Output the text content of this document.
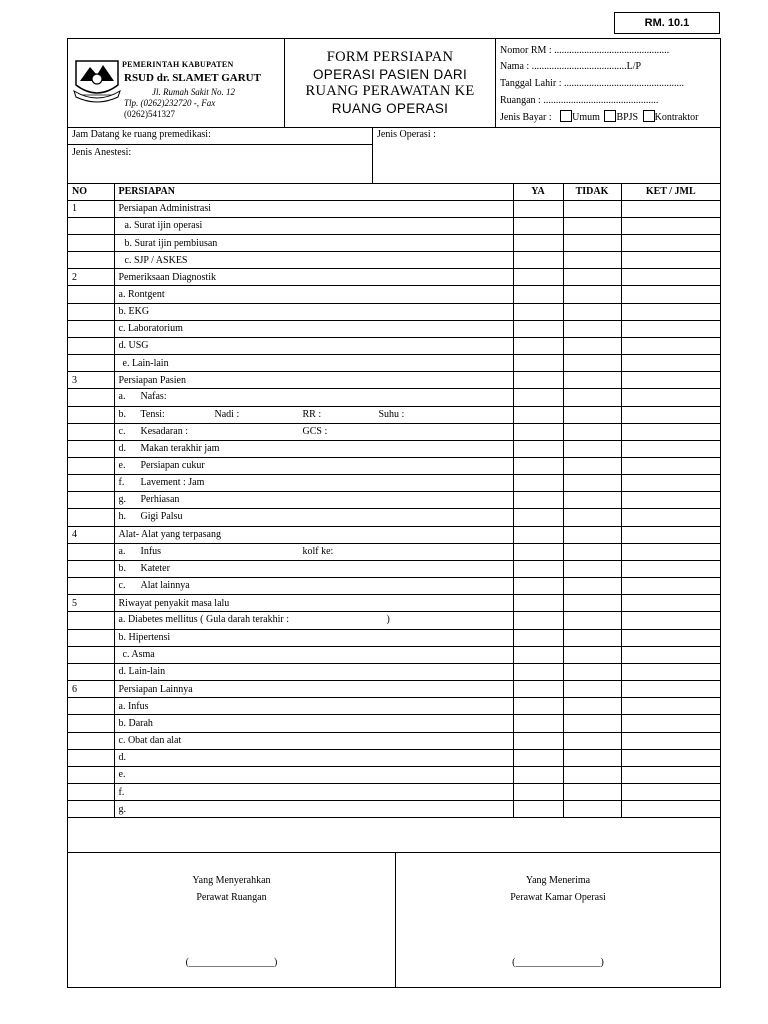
RM. 10.1
PEMERINTAH KABUPATEN
RSUD dr. SLAMET GARUT
Jl. Rumah Sakit No. 12
Tlp. (0262)232720 -, Fax
(0262)541327
FORM PERSIAPAN
OPERASI PASIEN DARI
RUANG PERAWATAN KE
RUANG OPERASI
Nomor RM : ..............................................
Nama : ......................................L/P
Tanggal Lahir : ................................................
Ruangan : ..............................................
Jenis Bayar : Umum BPJS Kontraktor
Jam Datang ke ruang premedikasi:
Jenis Anestesi:
Jenis Operasi :
NO	PERSIAPAN	YA	TIDAK	KET / JML
1	Persiapan Administrasi			
	a. Surat ijin operasi			
	b. Surat ijin pembiusan			
	c. SJP / ASKES			
2	Pemeriksaan Diagnostik			
	a. Rontgent			
	b. EKG			
	c. Laboratorium			
	d. USG			
	e. Lain-lain			
3	Persiapan Pasien			

	a. Nafas:			

	b. Tensi: Nadi : RR : Suhu :			

	c. Kesadaran : GCS :			

	d. Makan terakhir jam			

	e. Persiapan cukur			

	f. Lavement : Jam			

	g. Perhiasan			

	h. Gigi Palsu			

4	Alat- Alat yang terpasang			

	a. Infus kolf ke:			

	b. Kateter			

	c. Alat lainnya			

5	Riwayat penyakit masa lalu			

	a. Diabetes mellitus ( Gula darah terakhir : )			

	b. Hipertensi			
	c. Asma			
	d. Lain-lain			
6	Persiapan Lainnya			
	a. Infus			
	b. Darah			
	c. Obat dan alat			
	d.			
	e.			
	f.			
	g.			
Yang Menyerahkan
Perawat Ruangan
(_________________)
Yang Menerima
Perawat Kamar Operasi
(_________________)
